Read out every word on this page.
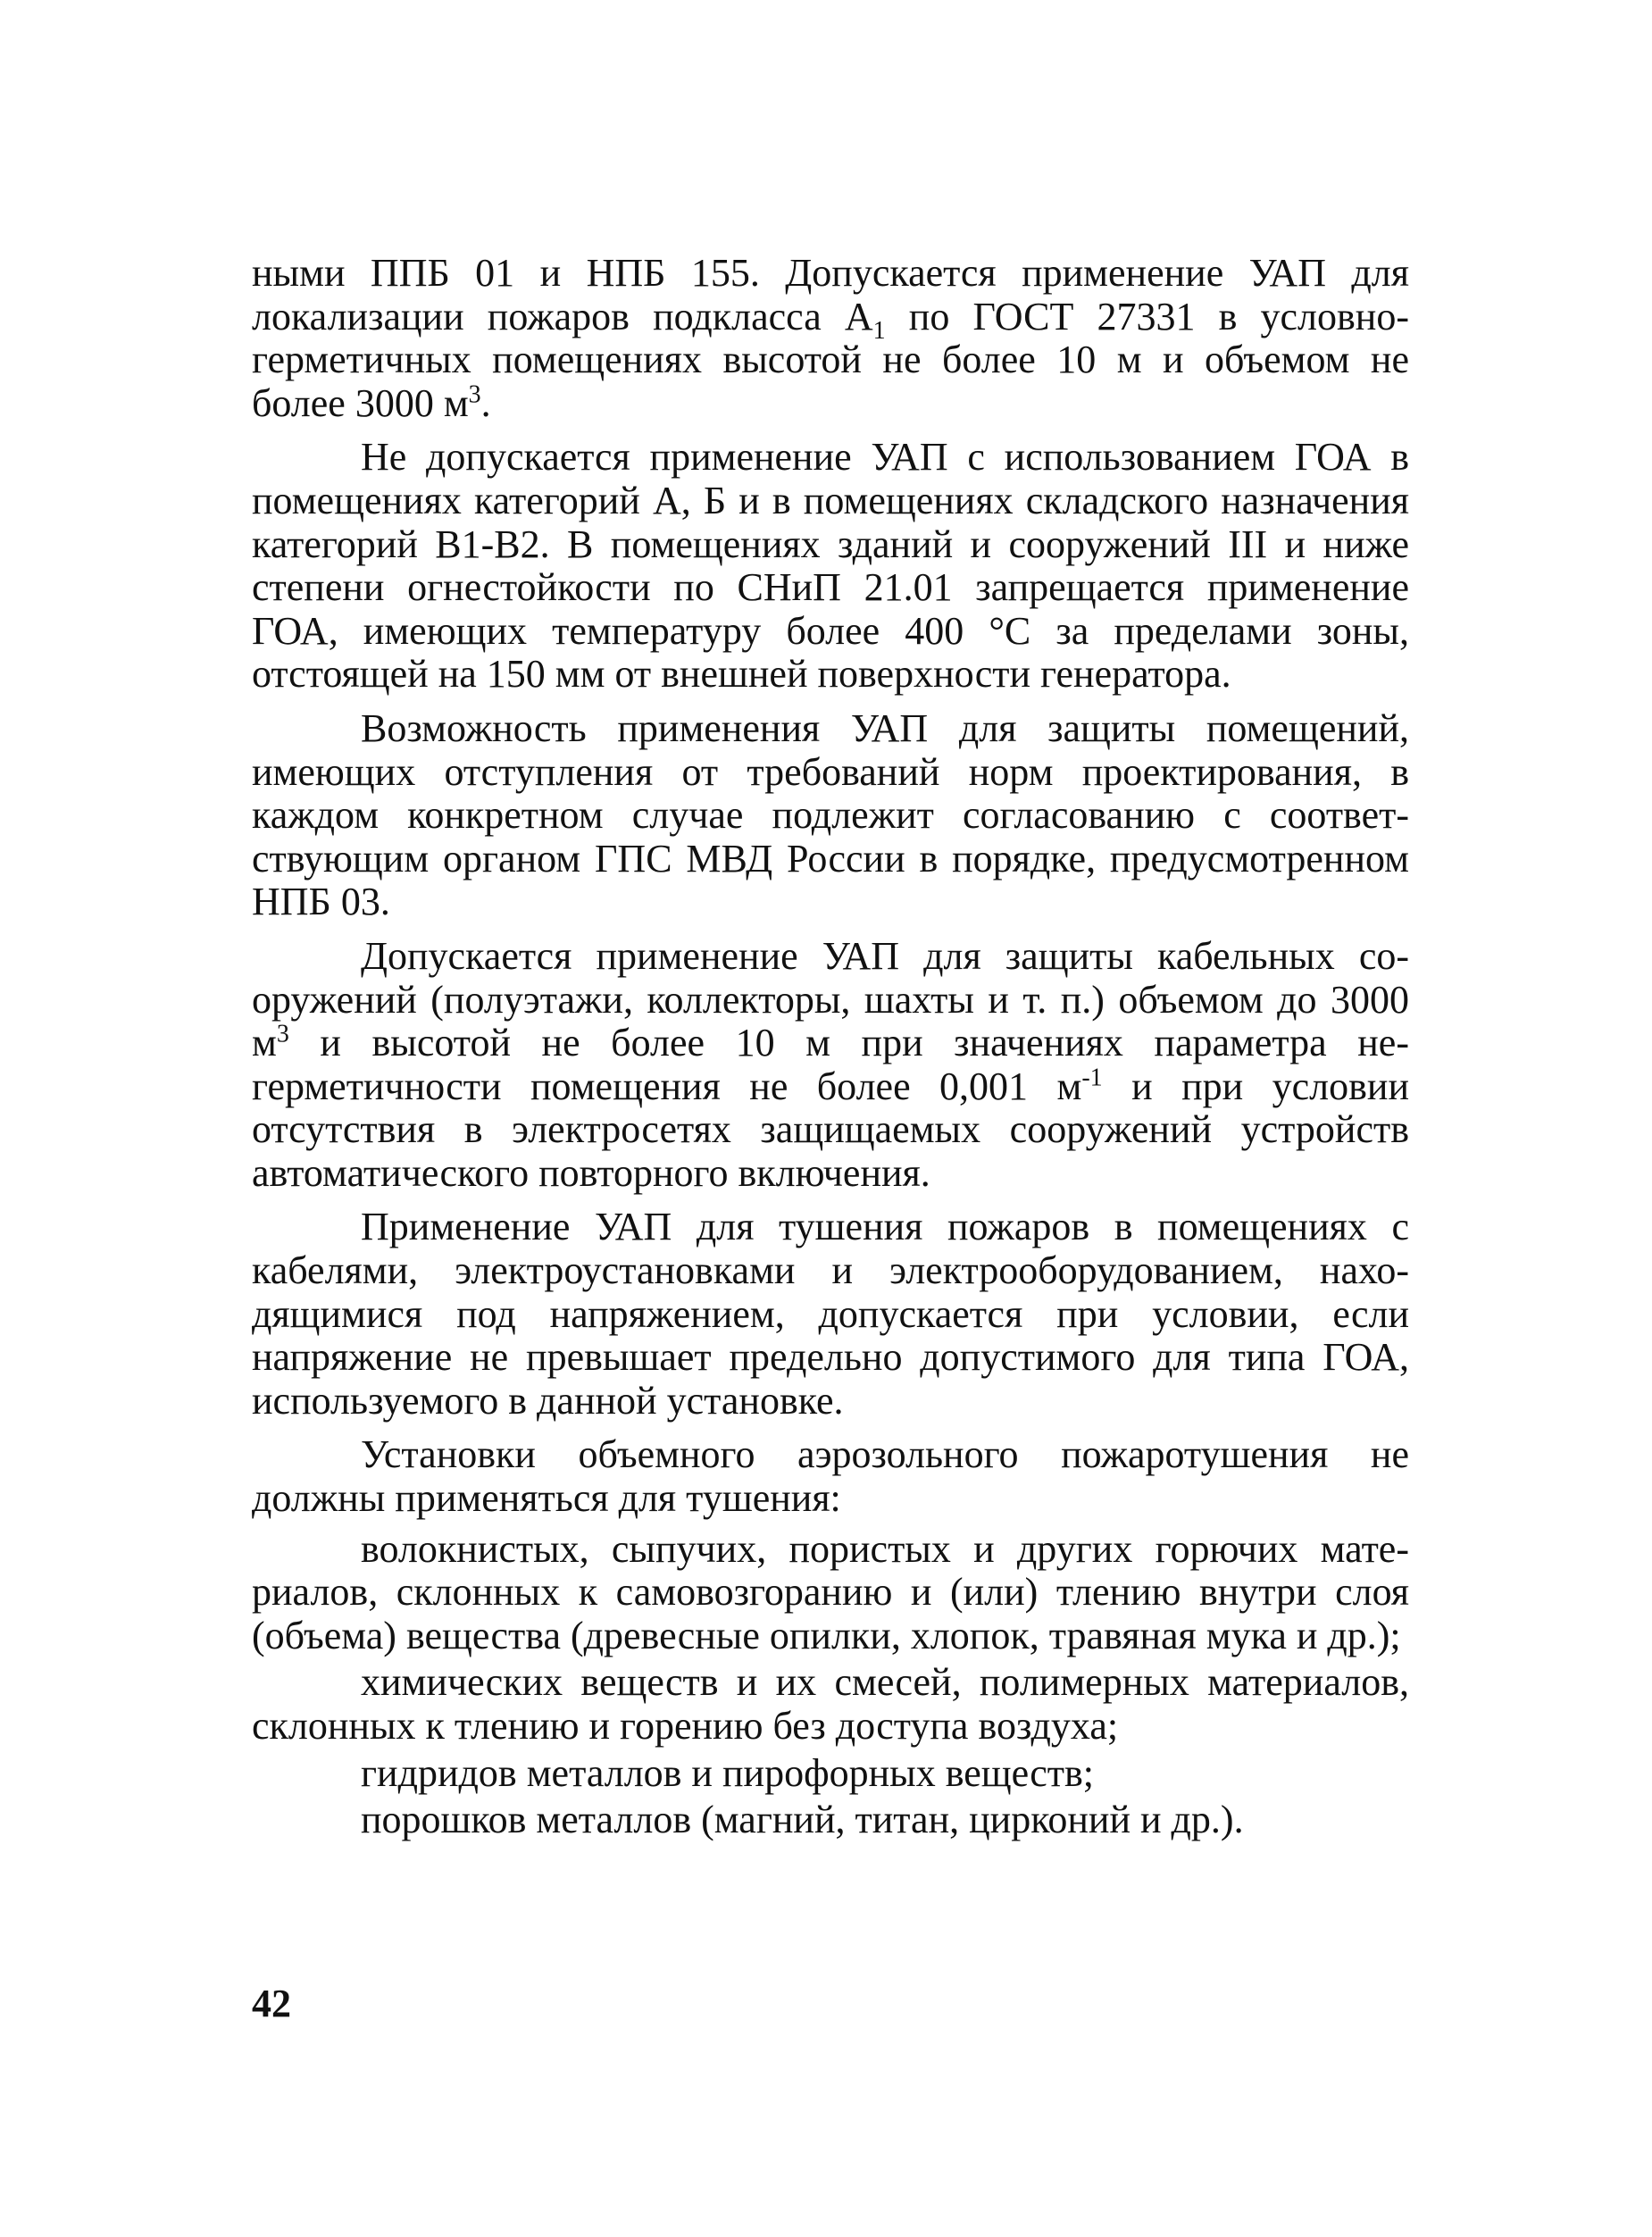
ными ППБ 01 и НПБ 155. Допускается применение УАП для локализации пожаров подкласса $А_1$ по ГОСТ 27331 в условногерметичных помещениях высотой не более 10 м и объемом не более 3000 $м^3$.

Не допускается применение УАП с использованием ГОА в помещениях категорий А, Б и в помещениях складского назначения категорий В1-В2. В помещениях зданий и сооружений III и ниже степени огнестойкости по СНиП 21.01 запрещается применение ГОА, имеющих температуру более 400 °С за пределами зоны, отстоящей на 150 мм от внешней поверхности генератора.

Возможность применения УАП для защиты помещений, имеющих отступления от требований норм проектирования, в каждом конкретном случае подлежит согласованию с соответствующим органом ГПС МВД России в порядке, предусмотренном НПБ 03.

Допускается применение УАП для защиты кабельных сооружений (полуэтажи, коллекторы, шахты и т. п.) объемом до 3000 $м^3$ и высотой не более 10 м при значениях параметра негерметичности помещения не более 0,001 $м^{-1}$ и при условии отсутствия в электросетях защищаемых сооружений устройств автоматического повторного включения.

Применение УАП для тушения пожаров в помещениях с кабелями, электроустановками и электрооборудованием, находящимися под напряжением, допускается при условии, если напряжение не превышает предельно допустимого для типа ГОА, используемого в данной установке.

Установки объемного аэрозольного пожаротушения не должны применяться для тушения:

волокнистых, сыпучих, пористых и других горючих материалов, склонных к самовозгоранию и (или) тлению внутри слоя (объема) вещества (древесные опилки, хлопок, травяная мука и др.);

химических веществ и их смесей, полимерных материалов, склонных к тлению и горению без доступа воздуха;

гидридов металлов и пирофорных веществ;

порошков металлов (магний, титан, цирконий и др.).

42
